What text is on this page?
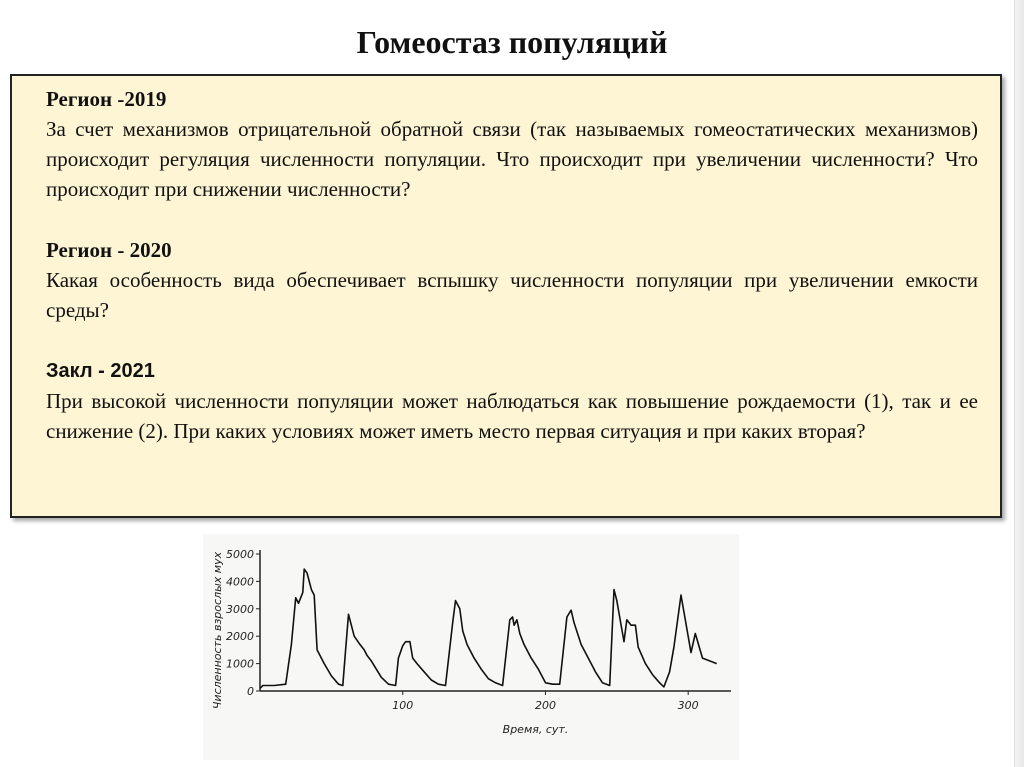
Гомеостаз популяций

Регион -2019

За счет механизмов отрицательной обратной связи (так называемых гомеостатических механизмов) происходит регуляция численности популяции. Что происходит при увеличении численности? Что происходит при снижении численности?

Регион - 2020

Какая особенность вида обеспечивает вспышку численности популяции при увеличении емкости среды?

Закл - 2021

При высокой численности популяции может наблюдаться как повышение рождаемости (1), так и ее снижение (2). При каких условиях может иметь место первая ситуация и при каких вторая?

0
1000
2000
3000
4000
5000
100	200	300
Время, сут.
Численность взрослых мух
